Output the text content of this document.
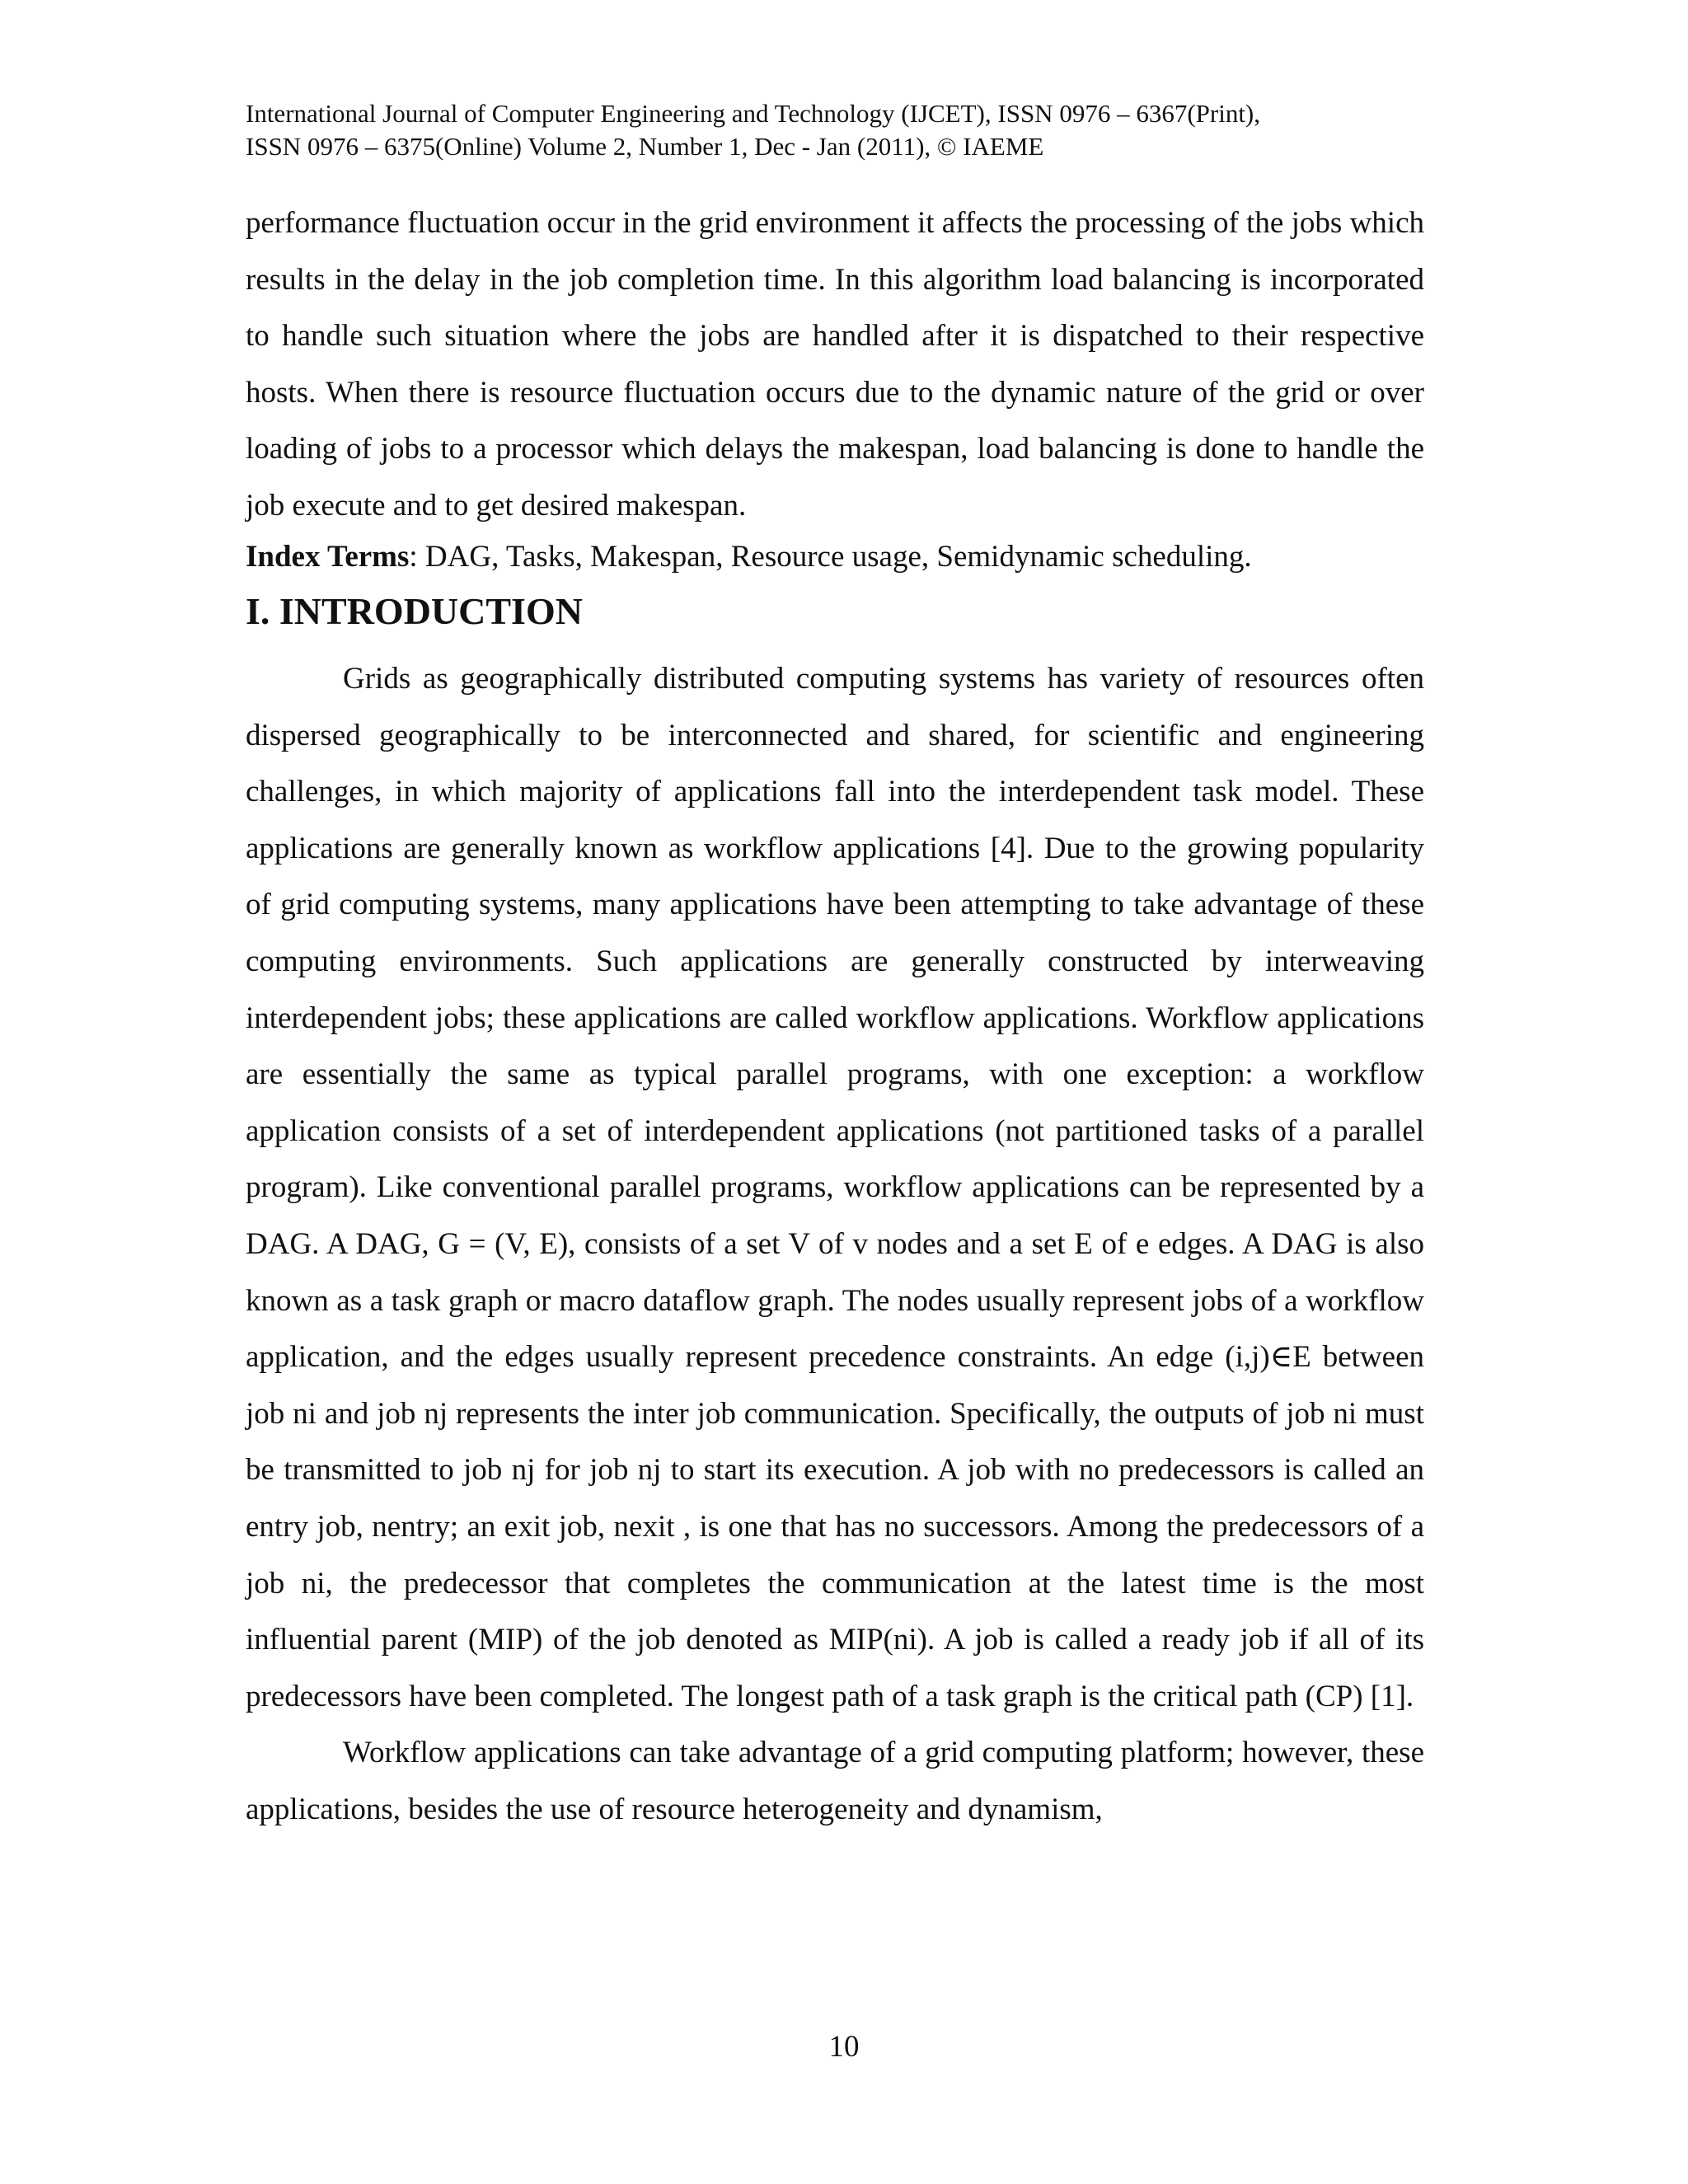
International Journal of Computer Engineering and Technology (IJCET), ISSN 0976 – 6367(Print),
ISSN 0976 – 6375(Online) Volume 2, Number 1, Dec - Jan (2011), © IAEME

performance fluctuation occur in the grid environment it affects the processing of the jobs which results in the delay in the job completion time. In this algorithm load balancing is incorporated to handle such situation where the jobs are handled after it is dispatched to their respective hosts. When there is resource fluctuation occurs due to the dynamic nature of the grid or over loading of jobs to a processor which delays the makespan, load balancing is done to handle the job execute and to get desired makespan.

Index Terms: DAG, Tasks, Makespan, Resource usage, Semidynamic scheduling.
I. INTRODUCTION

Grids as geographically distributed computing systems has variety of resources often dispersed geographically to be interconnected and shared, for scientific and engineering challenges, in which majority of applications fall into the interdependent task model. These applications are generally known as workflow applications [4]. Due to the growing popularity of grid computing systems, many applications have been attempting to take advantage of these computing environments. Such applications are generally constructed by interweaving interdependent jobs; these applications are called workflow applications. Workflow applications are essentially the same as typical parallel programs, with one exception: a workflow application consists of a set of interdependent applications (not partitioned tasks of a parallel program). Like conventional parallel programs, workflow applications can be represented by a DAG. A DAG, G = (V, E), consists of a set V of v nodes and a set E of e edges. A DAG is also known as a task graph or macro dataflow graph. The nodes usually represent jobs of a workflow application, and the edges usually represent precedence constraints. An edge (i,j)∈E between job ni and job nj represents the inter job communication. Specifically, the outputs of job ni must be transmitted to job nj for job nj to start its execution. A job with no predecessors is called an entry job, nentry; an exit job, nexit , is one that has no successors. Among the predecessors of a job ni, the predecessor that completes the communication at the latest time is the most influential parent (MIP) of the job denoted as MIP(ni). A job is called a ready job if all of its predecessors have been completed. The longest path of a task graph is the critical path (CP) [1].

Workflow applications can take advantage of a grid computing platform; however, these applications, besides the use of resource heterogeneity and dynamism,

10
